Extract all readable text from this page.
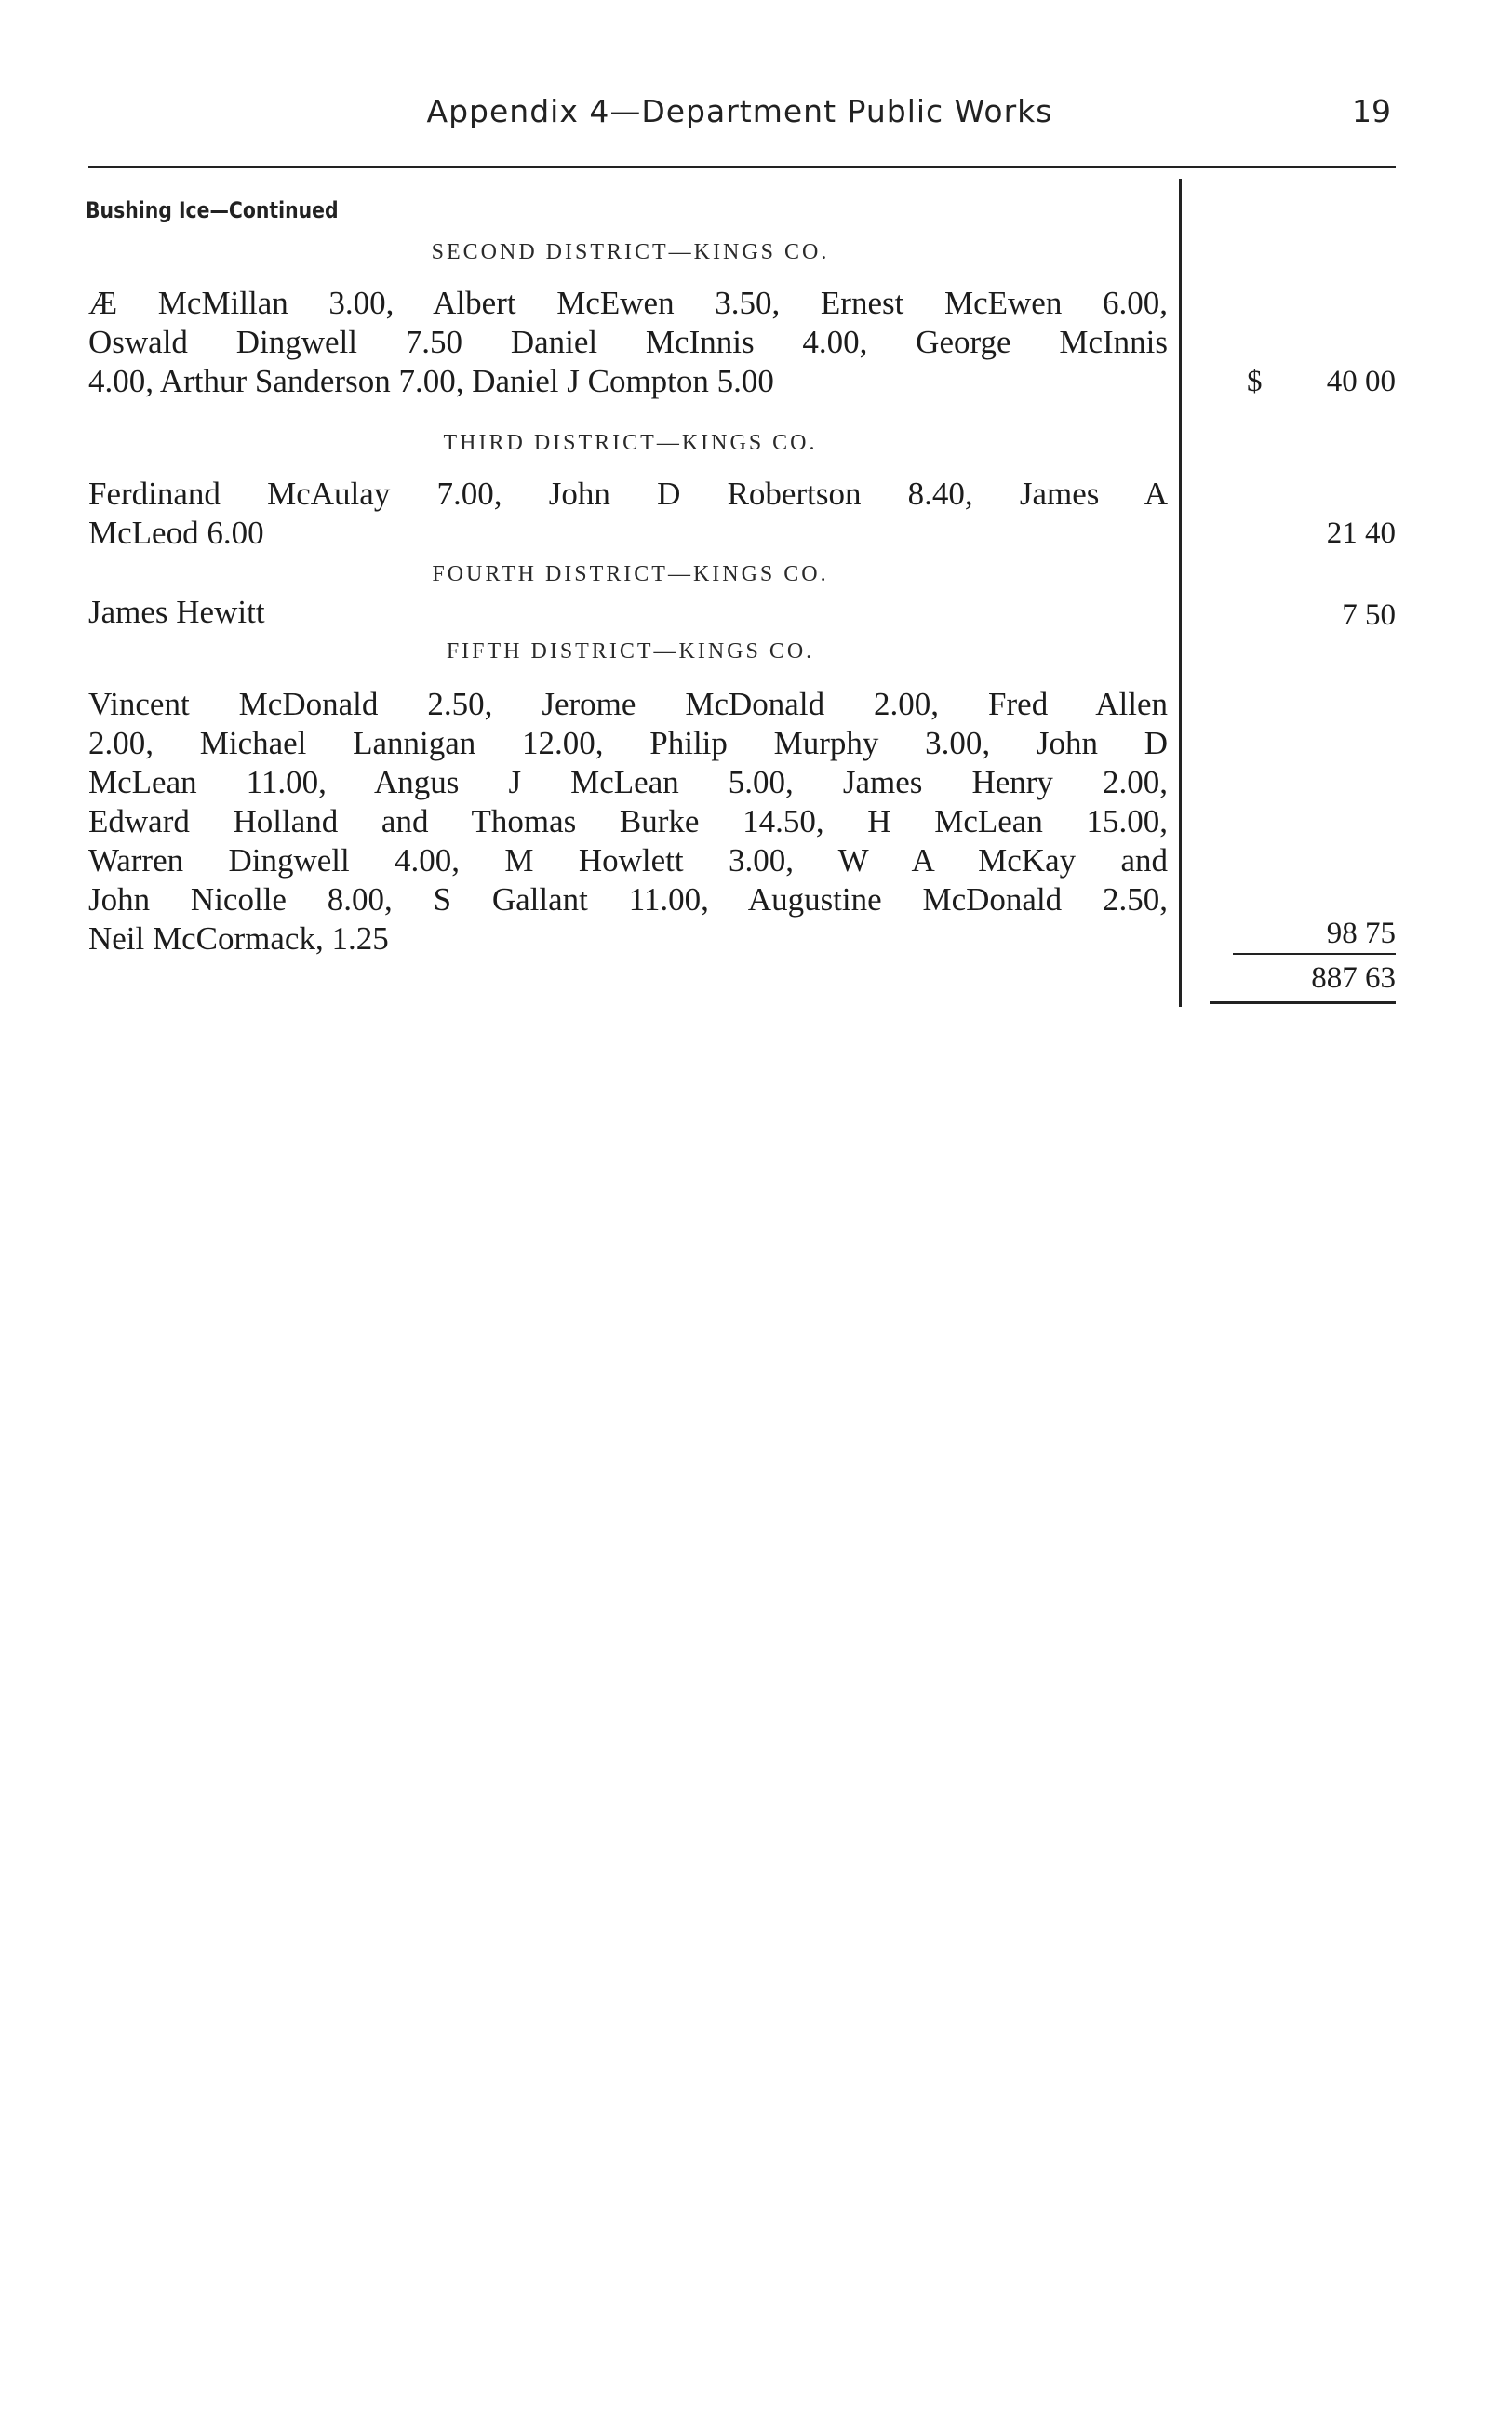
Appendix 4—Department Public Works	19
Bushing Ice—Continued
SECOND DISTRICT—KINGS CO.
Æ McMillan 3.00, Albert McEwen 3.50, Ernest McEwen 6.00,
Oswald Dingwell 7.50 Daniel McInnis 4.00, George McInnis
4.00, Arthur Sanderson 7.00, Daniel J Compton 5.00	$ 40 00
THIRD DISTRICT—KINGS CO.
Ferdinand McAulay 7.00, John D Robertson 8.40, James A
McLeod 6.00	21 40
FOURTH DISTRICT—KINGS CO.
James Hewitt	7 50
FIFTH DISTRICT—KINGS CO.
Vincent McDonald 2.50, Jerome McDonald 2.00, Fred Allen
2.00, Michael Lannigan 12.00, Philip Murphy 3.00, John D
McLean 11.00, Angus J McLean 5.00, James Henry 2.00,
Edward Holland and Thomas Burke 14.50, H McLean 15.00,
Warren Dingwell 4.00, M Howlett 3.00, W A McKay and
John Nicolle 8.00, S Gallant 11.00, Augustine McDonald 2.50,
Neil McCormack, 1.25	98 75
887 63
